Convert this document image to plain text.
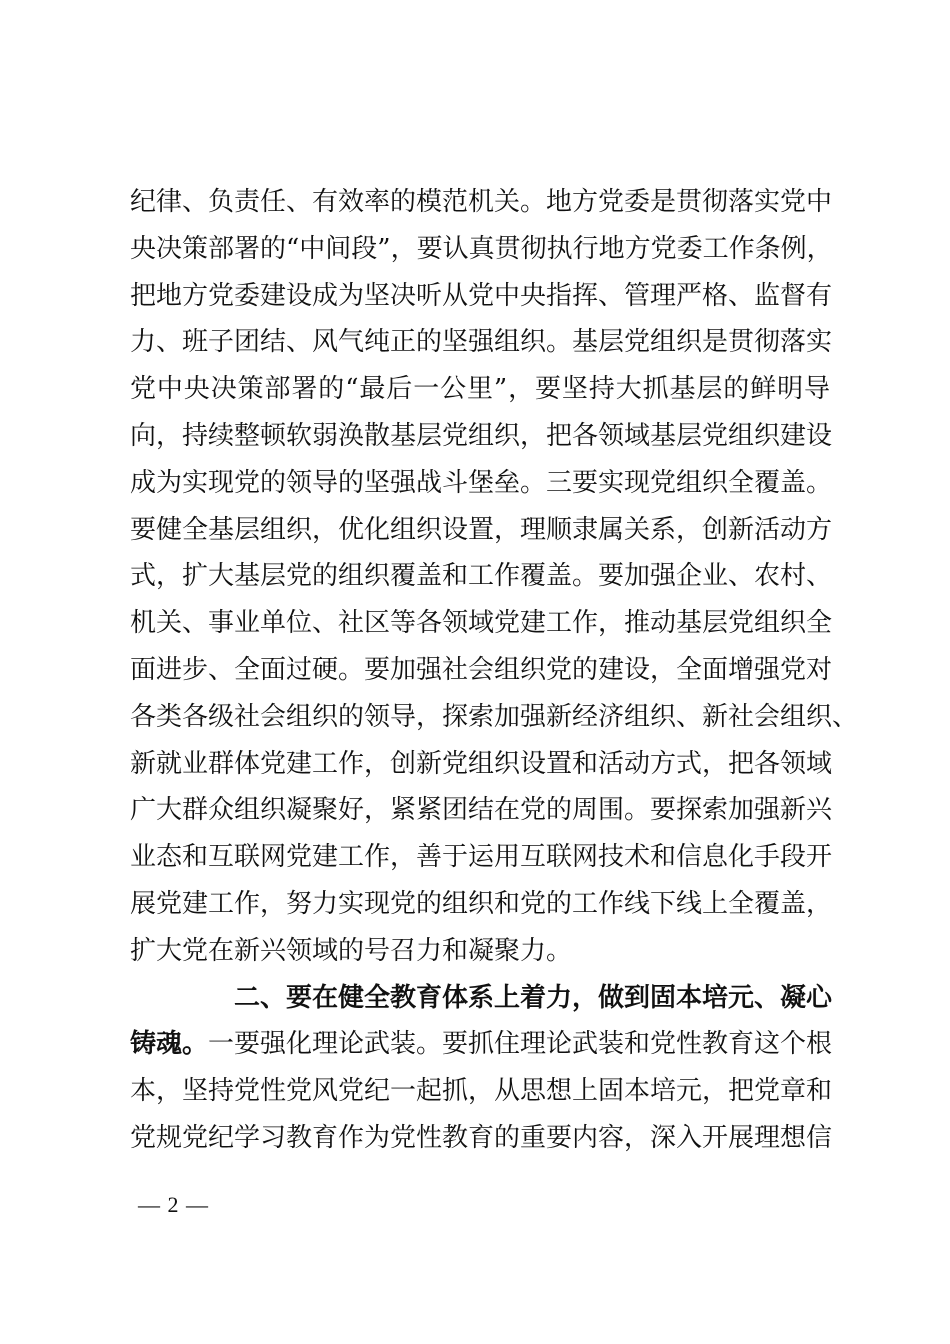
纪律、负责任、有效率的模范机关。地方党委是贯彻落实党中
央决策部署的“中间段”，要认真贯彻执行地方党委工作条例，
把地方党委建设成为坚决听从党中央指挥、管理严格、监督有
力、班子团结、风气纯正的坚强组织。基层党组织是贯彻落实
党中央决策部署的“最后一公里”，要坚持大抓基层的鲜明导
向，持续整顿软弱涣散基层党组织，把各领域基层党组织建设
成为实现党的领导的坚强战斗堡垒。三要实现党组织全覆盖。
要健全基层组织，优化组织设置，理顺隶属关系，创新活动方
式，扩大基层党的组织覆盖和工作覆盖。要加强企业、农村、
机关、事业单位、社区等各领域党建工作，推动基层党组织全
面进步、全面过硬。要加强社会组织党的建设，全面增强党对
各类各级社会组织的领导，探索加强新经济组织、新社会组织、
新就业群体党建工作，创新党组织设置和活动方式，把各领域
广大群众组织凝聚好，紧紧团结在党的周围。要探索加强新兴
业态和互联网党建工作，善于运用互联网技术和信息化手段开
展党建工作，努力实现党的组织和党的工作线下线上全覆盖，
扩大党在新兴领域的号召力和凝聚力。
二、要在健全教育体系上着力，做到固本培元、凝心
铸魂。一要强化理论武装。要抓住理论武装和党性教育这个根
本，坚持党性党风党纪一起抓，从思想上固本培元，把党章和
党规党纪学习教育作为党性教育的重要内容，深入开展理想信
— 2 —
